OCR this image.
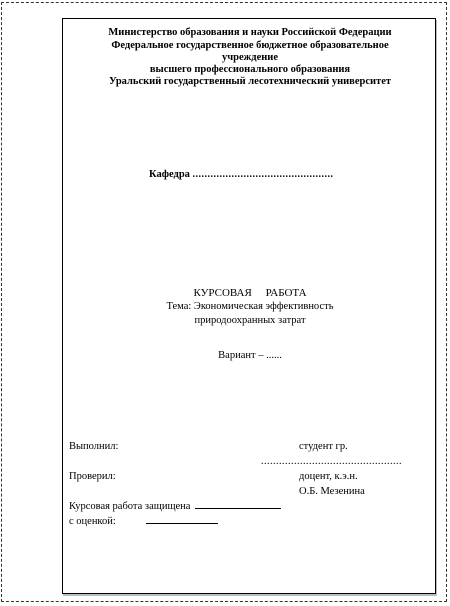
Министерство образования и науки Российской Федерации
Федеральное государственное бюджетное образовательное
учреждение
высшего профессионального образования
Уральский государственный лесотехнический университет
Кафедра ...............................................
КУРСОВАЯ     РАБОТА
Тема: Экономическая эффективность
природоохранных затрат
Вариант – ......
Выполнил:	студент гр.
...............................................
Проверил:	доцент, к.э.н.
О.Б. Мезенина
Курсовая работа защищена
с оценкой:
